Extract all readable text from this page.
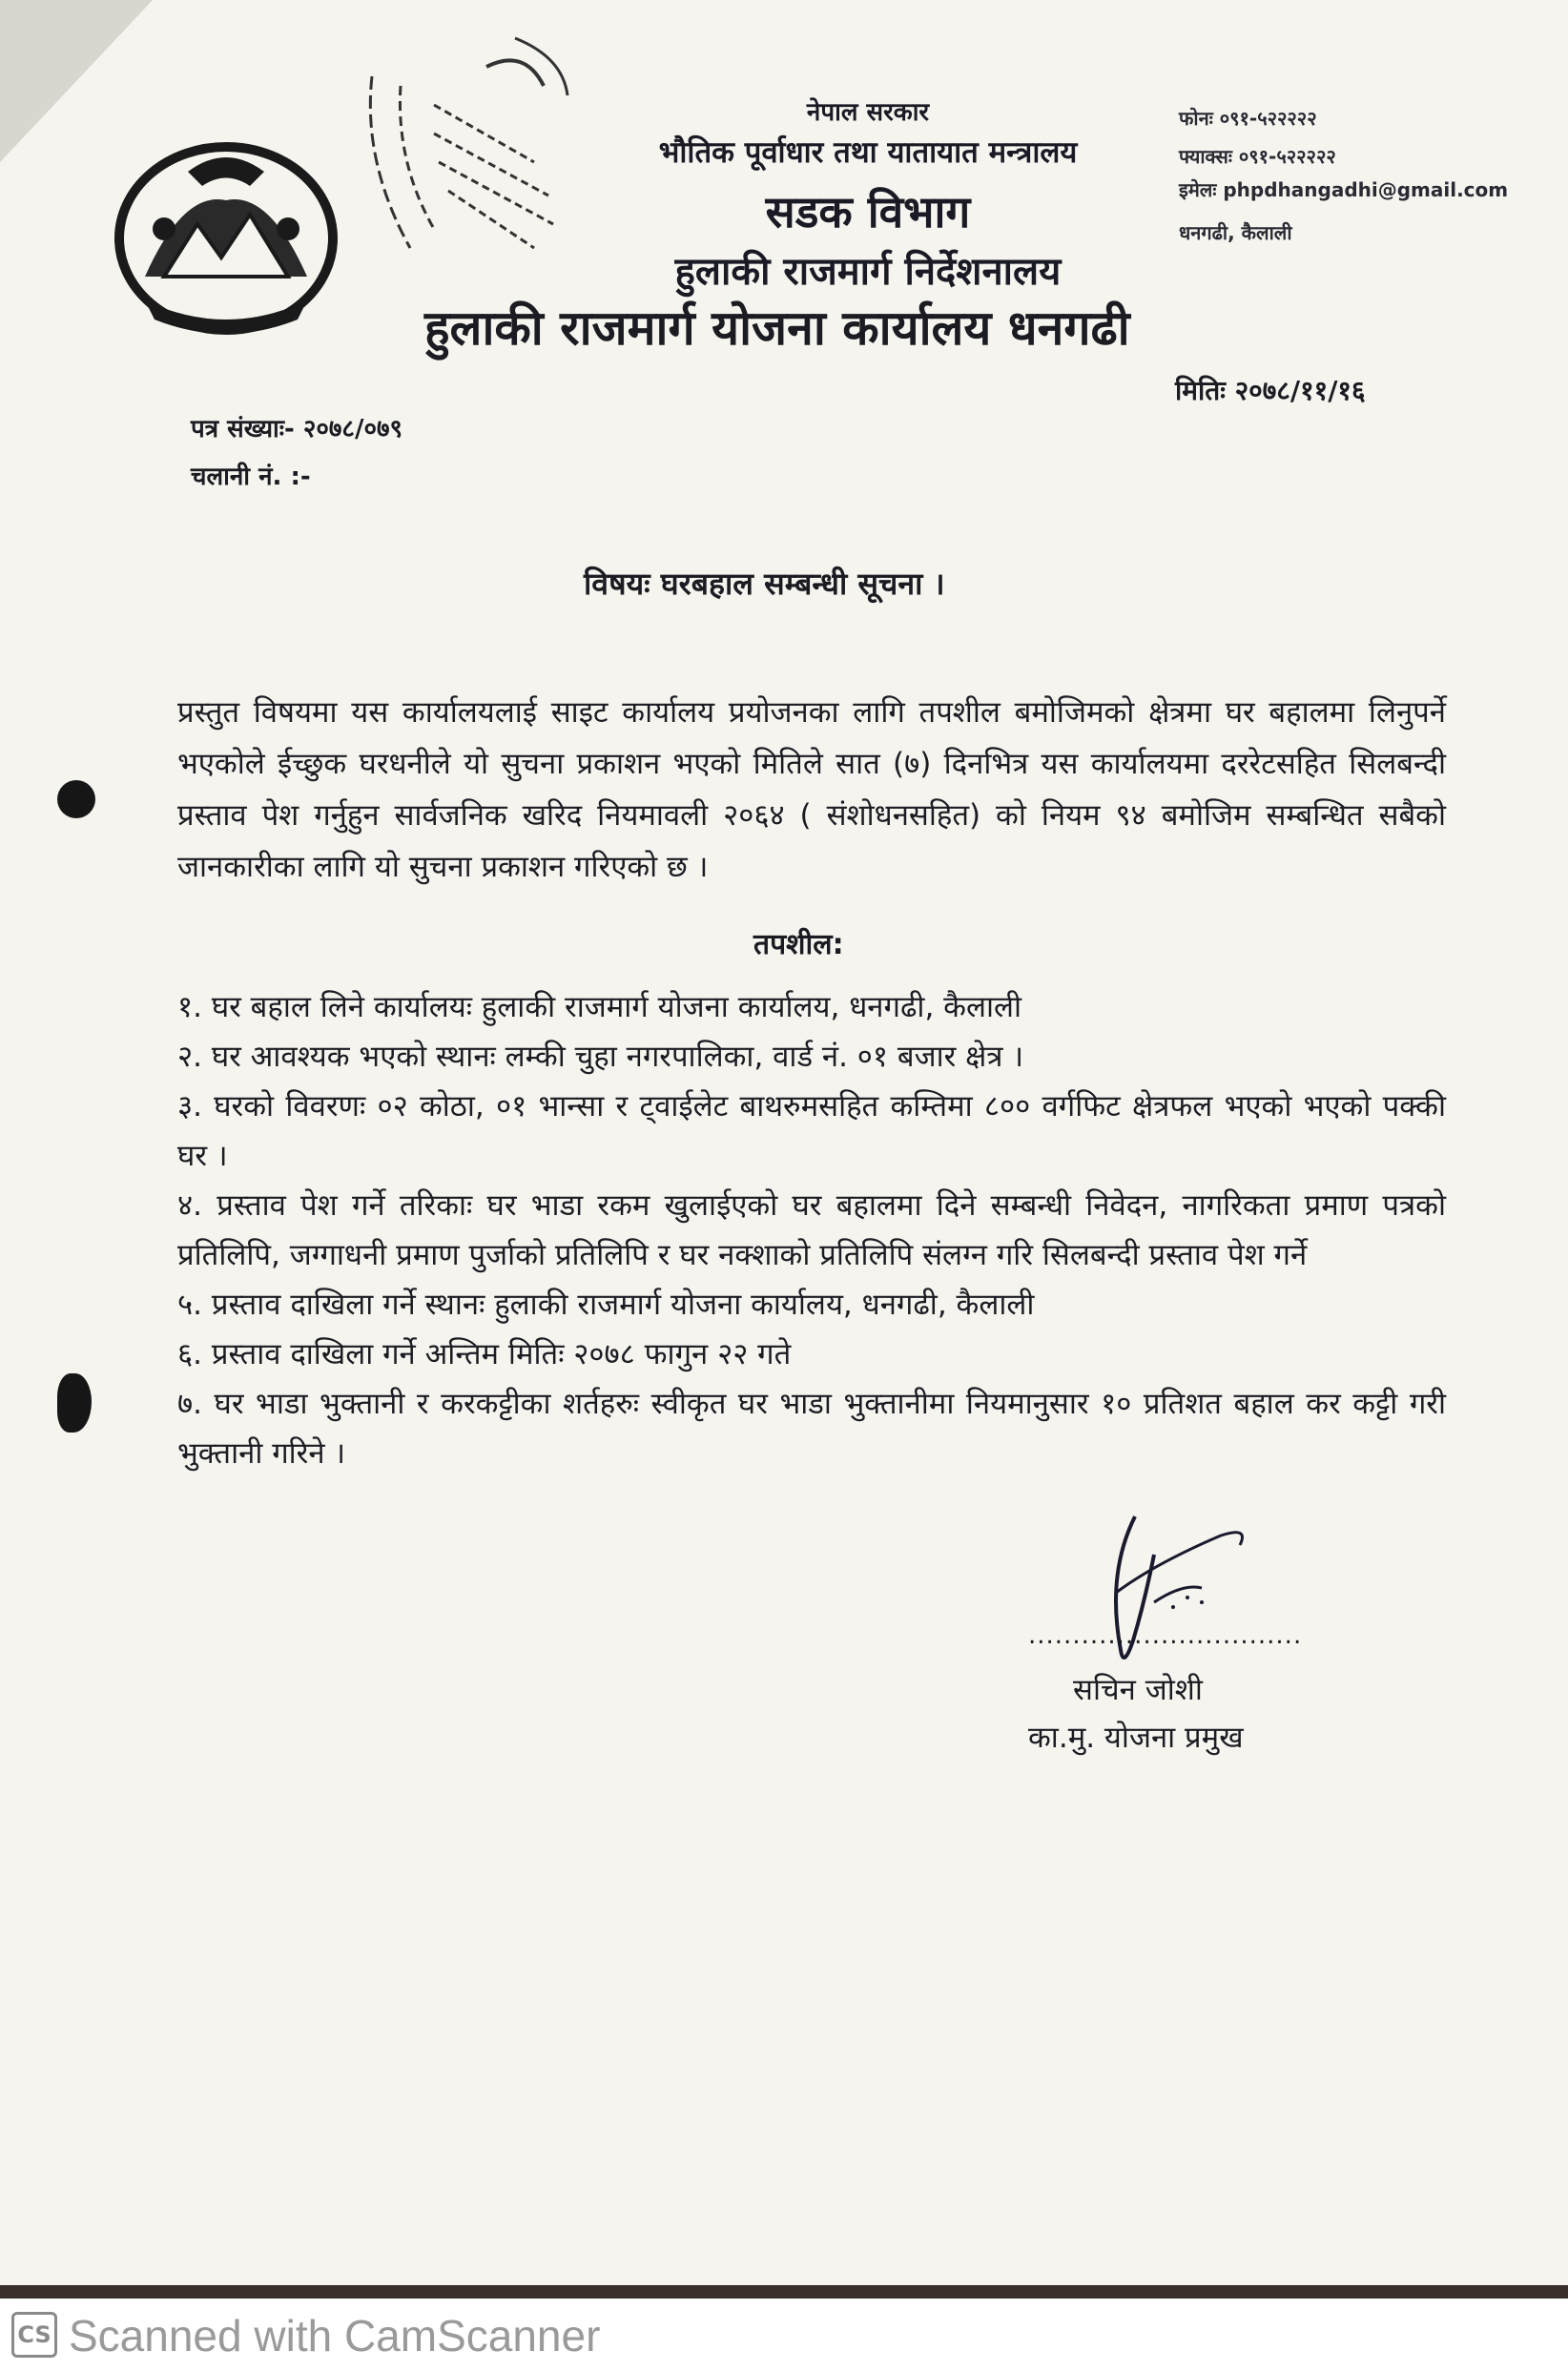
नेपाल सरकार
भौतिक पूर्वाधार तथा यातायात मन्त्रालय
सडक विभाग
हुलाकी राजमार्ग निर्देशनालय
हुलाकी राजमार्ग योजना कार्यालय धनगढी
फोनः ०९१-५२२२२२
फ्याक्सः ०९१-५२२२२२
इमेलः phpdhangadhi@gmail.com
धनगढी, कैलाली
मितिः २०७८/११/१६
पत्र संख्याः- २०७८/०७९
चलानी नं. :-
विषयः घरबहाल सम्बन्धी सूचना ।
प्रस्तुत विषयमा यस कार्यालयलाई साइट कार्यालय प्रयोजनका लागि तपशील बमोजिमको क्षेत्रमा घर बहालमा लिनुपर्ने भएकोले ईच्छुक घरधनीले यो सुचना प्रकाशन भएको मितिले सात (७) दिनभित्र यस कार्यालयमा दररेटसहित सिलबन्दी प्रस्ताव पेश गर्नुहुन सार्वजनिक खरिद नियमावली २०६४ ( संशोधनसहित) को नियम ९४ बमोजिम सम्बन्धित सबैको जानकारीका लागि यो सुचना प्रकाशन गरिएको छ ।
तपशील:

१. घर बहाल लिने कार्यालयः हुलाकी राजमार्ग योजना कार्यालय, धनगढी, कैलाली

२. घर आवश्यक भएको स्थानः लम्की चुहा नगरपालिका, वार्ड नं. ०१ बजार क्षेत्र ।

३. घरको विवरणः ०२ कोठा, ०१ भान्सा र ट्वाईलेट बाथरुमसहित कम्तिमा ८०० वर्गफिट क्षेत्रफल भएको भएको पक्की घर ।

४. प्रस्ताव पेश गर्ने तरिकाः घर भाडा रकम खुलाईएको घर बहालमा दिने सम्बन्धी निवेदन, नागरिकता प्रमाण पत्रको प्रतिलिपि, जग्गाधनी प्रमाण पुर्जाको प्रतिलिपि र घर नक्शाको प्रतिलिपि संलग्न गरि सिलबन्दी प्रस्ताव पेश गर्ने

५. प्रस्ताव दाखिला गर्ने स्थानः हुलाकी राजमार्ग योजना कार्यालय, धनगढी, कैलाली

६. प्रस्ताव दाखिला गर्ने अन्तिम मितिः २०७८ फागुन २२ गते

७. घर भाडा भुक्तानी र करकट्टीका शर्तहरुः स्वीकृत घर भाडा भुक्तानीमा नियमानुसार १० प्रतिशत बहाल कर कट्टी गरी भुक्तानी गरिने ।

...............................
सचिन जोशी
का.मु. योजना प्रमुख
CS Scanned with CamScanner
